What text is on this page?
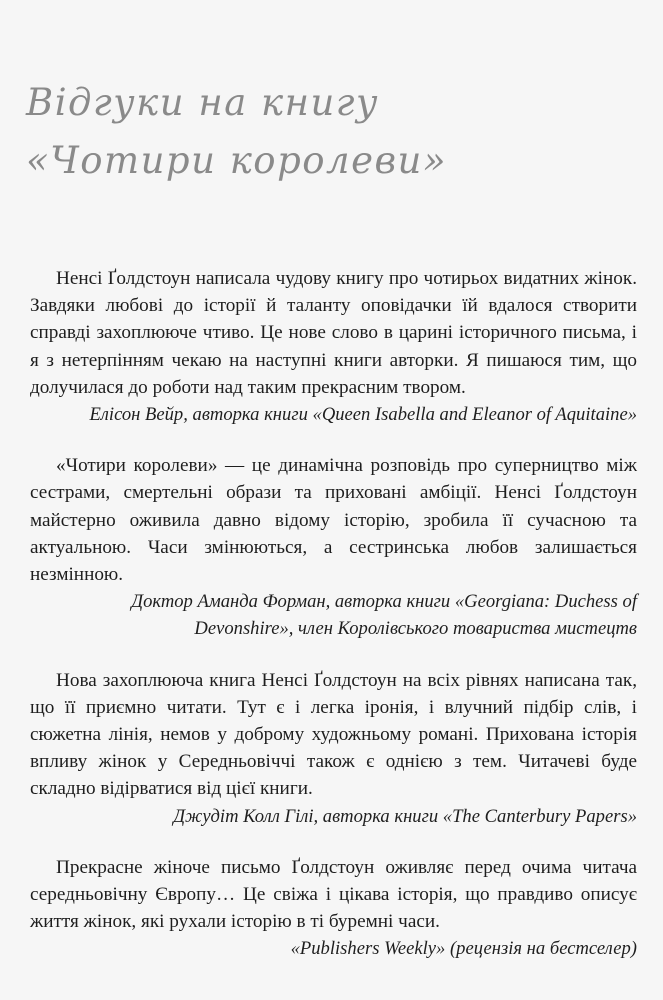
Відгуки на книгу
«Чотири королеви»

Ненсі Ґолдстоун написала чудову книгу про чотирьох видатних жінок. Завдяки любові до історії й таланту оповідачки їй вдалося створити справді захоплююче чтиво. Це нове слово в царині історичного письма, і я з нетерпінням чекаю на наступні книги авторки. Я пишаюся тим, що долучилася до роботи над таким прекрасним твором.

Елісон Вейр, авторка книги «Queen Isabella and Eleanor of Aquitaine»

«Чотири королеви» — це динамічна розповідь про суперництво між сестрами, смертельні образи та приховані амбіції. Ненсі Ґолдстоун майстерно оживила давно відому історію, зробила її сучасною та актуальною. Часи змінюються, а сестринська любов залишається незмінною.

Доктор Аманда Форман, авторка книги «Georgiana: Duchess of Devonshire», член Королівського товариства мистецтв

Нова захоплююча книга Ненсі Ґолдстоун на всіх рівнях написана так, що її приємно читати. Тут є і легка іронія, і влучний підбір слів, і сюжетна лінія, немов у доброму художньому романі. Прихована історія впливу жінок у Середньовіччі також є однією з тем. Читачеві буде складно відірватися від цієї книги.

Джудіт Колл Гілі, авторка книги «The Canterbury Papers»

Прекрасне жіноче письмо Ґолдстоун оживляє перед очима читача середньовічну Європу… Це свіжа і цікава історія, що правдиво описує життя жінок, які рухали історію в ті буремні часи.

«Publishers Weekly» (рецензія на бестселер)
